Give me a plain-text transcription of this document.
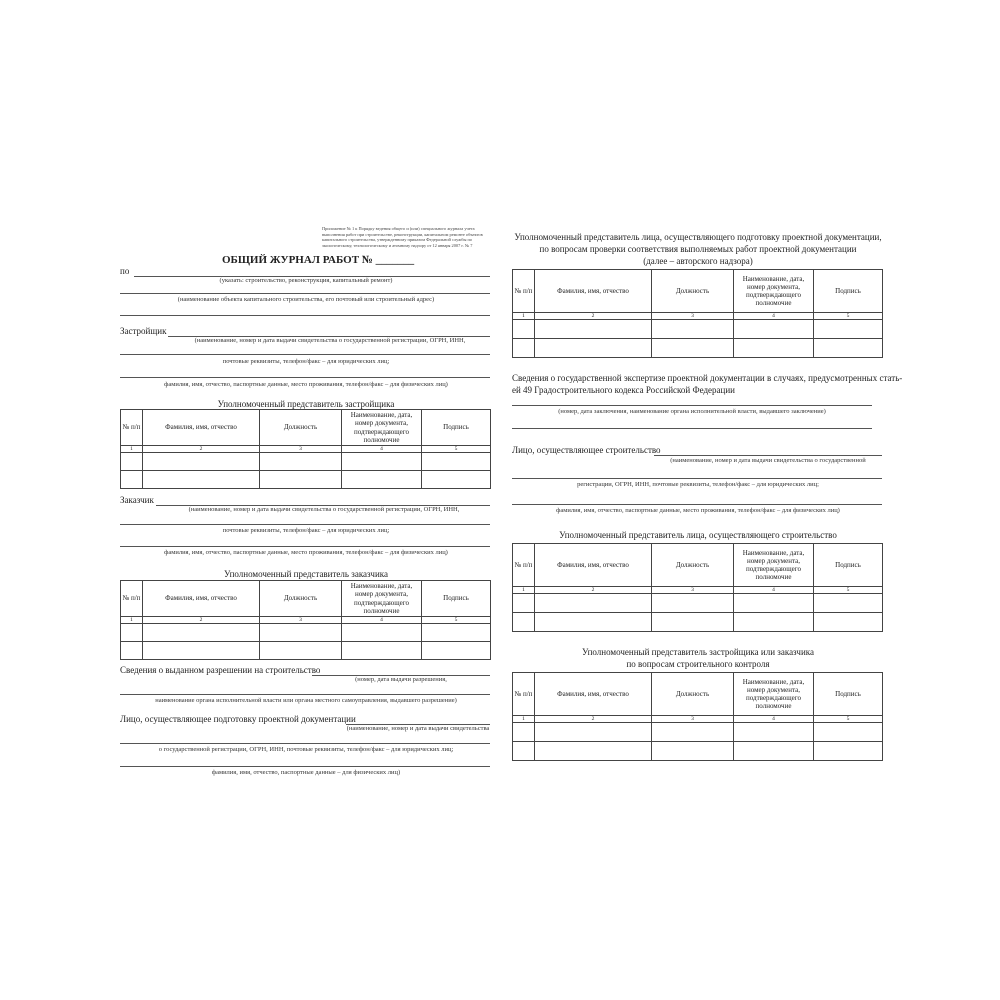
Приложение № 1 к Порядку ведения общего и (или) специального журнала учета выполнения работ при строительстве, реконструкции, капитальном ремонте объектов капитального строительства, утвержденному приказом Федеральной службы по экологическому, технологическому и атомному надзору от 12 января 2007 г. № 7
ОБЩИЙ ЖУРНАЛ РАБОТ № _______
по
(указать: строительство, реконструкция, капитальный ремонт)
(наименование объекта капитального строительства, его почтовый или строительный адрес)
Застройщик
(наименование, номер и дата выдачи свидетельства о государственной регистрации, ОГРН, ИНН,
почтовые реквизиты, телефон/факс – для юридических лиц;
фамилия, имя, отчество, паспортные данные, место проживания, телефон/факс – для физических лиц)
Уполномоченный представитель застройщика
№ п/п	Фамилия, имя, отчество	Должность	Наименование, дата, номер документа, подтверждающего полномочие	Подпись
1	2	3	4	5

Заказчик
(наименование, номер и дата выдачи свидетельства о государственной регистрации, ОГРН, ИНН,
почтовые реквизиты, телефон/факс – для юридических лиц;
фамилия, имя, отчество, паспортные данные, место проживания, телефон/факс – для физических лиц)
Уполномоченный представитель заказчика
№ п/п	Фамилия, имя, отчество	Должность	Наименование, дата, номер документа, подтверждающего полномочие	Подпись
1	2	3	4	5

Сведения о выданном разрешении на строительство
(номер, дата выдачи разрешения,
наименование органа исполнительной власти или органа местного самоуправления, выдавшего разрешение)
Лицо, осуществляющее подготовку проектной документации
(наименование, номер и дата выдачи свидетельства
о государственной регистрации, ОГРН, ИНН, почтовые реквизиты, телефон/факс – для юридических лиц;
фамилия, имя, отчество, паспортные данные – для физических лиц)
Уполномоченный представитель лица, осуществляющего подготовку проектной документации,
по вопросам проверки соответствия выполняемых работ проектной документации
(далее – авторского надзора)
№ п/п	Фамилия, имя, отчество	Должность	Наименование, дата, номер документа, подтверждающего полномочие	Подпись
1	2	3	4	5

Сведения о государственной экспертизе проектной документации в случаях, предусмотренных стать-
ей 49 Градостроительного кодекса Российской Федерации
(номер, дата заключения, наименование органа исполнительной власти, выдавшего заключение)
Лицо, осуществляющее строительство
(наименование, номер и дата выдачи свидетельства о государственной
регистрации, ОГРН, ИНН, почтовые реквизиты, телефон/факс – для юридических лиц;
фамилия, имя, отчество, паспортные данные, место проживания, телефон/факс – для физических лиц)
Уполномоченный представитель лица, осуществляющего строительство
№ п/п	Фамилия, имя, отчество	Должность	Наименование, дата, номер документа, подтверждающего полномочие	Подпись
1	2	3	4	5

Уполномоченный представитель застройщика или заказчика
по вопросам строительного контроля
№ п/п	Фамилия, имя, отчество	Должность	Наименование, дата, номер документа, подтверждающего полномочие	Подпись
1	2	3	4	5
